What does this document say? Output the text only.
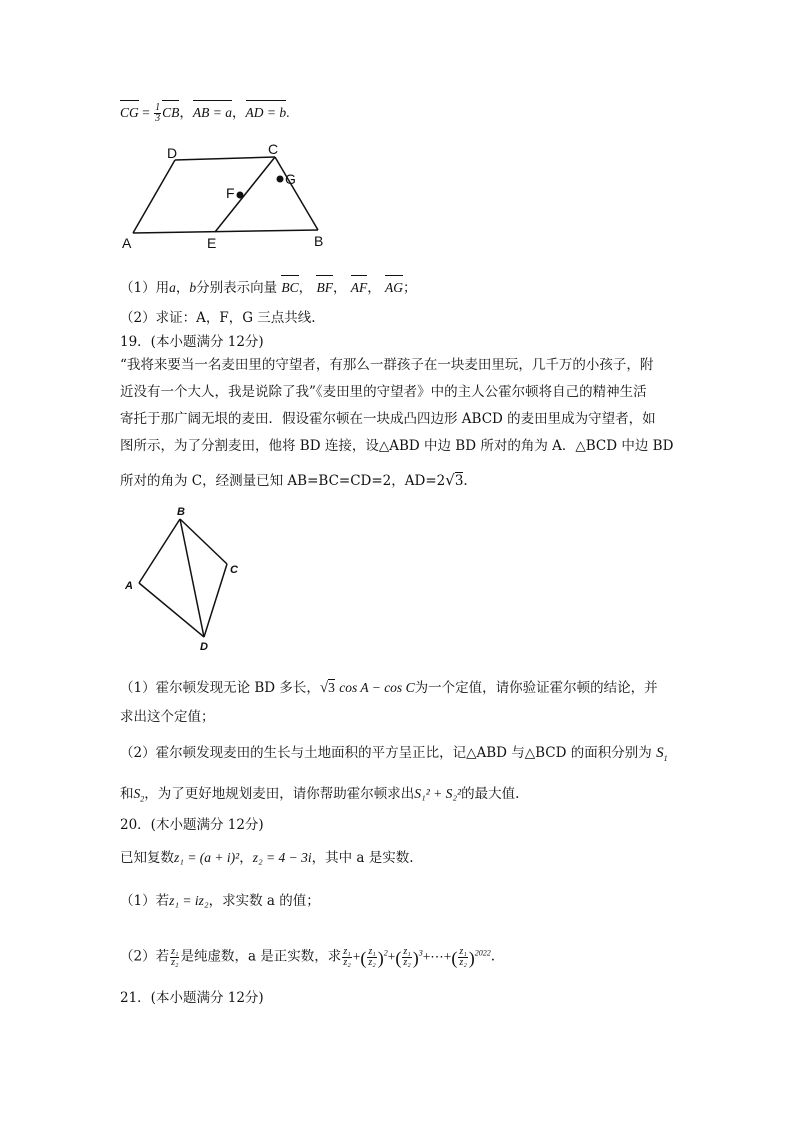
CG = $\frac{1}{3}$ CB，AB = a，AD = b.
D	C
F
G
A	E	B
（1）用a，b分别表示向量 BC， BF， AF， AG；
（2）求证：A，F，G 三点共线.
19．(本小题满分 12分)
“我将来要当一名麦田里的守望者，有那么一群孩子在一块麦田里玩，几千万的小孩子，附
近没有一个大人，我是说除了我”《麦田里的守望者》中的主人公霍尔顿将自己的精神生活
寄托于那广阔无垠的麦田．假设霍尔顿在一块成凸四边形 ABCD 的麦田里成为守望者，如
图所示，为了分割麦田，他将 BD 连接，设△ABD 中边 BD 所对的角为 A．△BCD 中边 BD
所对的角为 C，经测量已知 AB=BC=CD=2，AD=2√3.
B
A
C
D
（1）霍尔顿发现无论 BD 多长，√3 cos A − cos C为一个定值，请你验证霍尔顿的结论，并
求出这个定值；
（2）霍尔顿发现麦田的生长与土地面积的平方呈正比，记△ABD 与△BCD 的面积分别为 $S_1$
和$S_2$，为了更好地规划麦田，请你帮助霍尔顿求出S₁² + S₂²的最大值.
20．(木小题满分 12分)
已知复数z₁ = (a + i)²，z₂ = 4 − 3i，其中 a 是实数.
（1）若z₁ = iz₂，求实数 a 的值；
（2）若 $\frac{\text{z₁}}{\text{z₂}}$ 是纯虚数，a 是正实数，求 $\frac{\text{z₁}}{\text{z₂}}$ +( $\frac{\text{z₁}}{\text{z₂}} )^2+( \frac{\text{z₁}}{\text{z₂}}$ )$^3+\cdots+( \frac{\text{z₁}}{\text{z₂}} )^{2022}$.
21．(本小题满分 12分)
